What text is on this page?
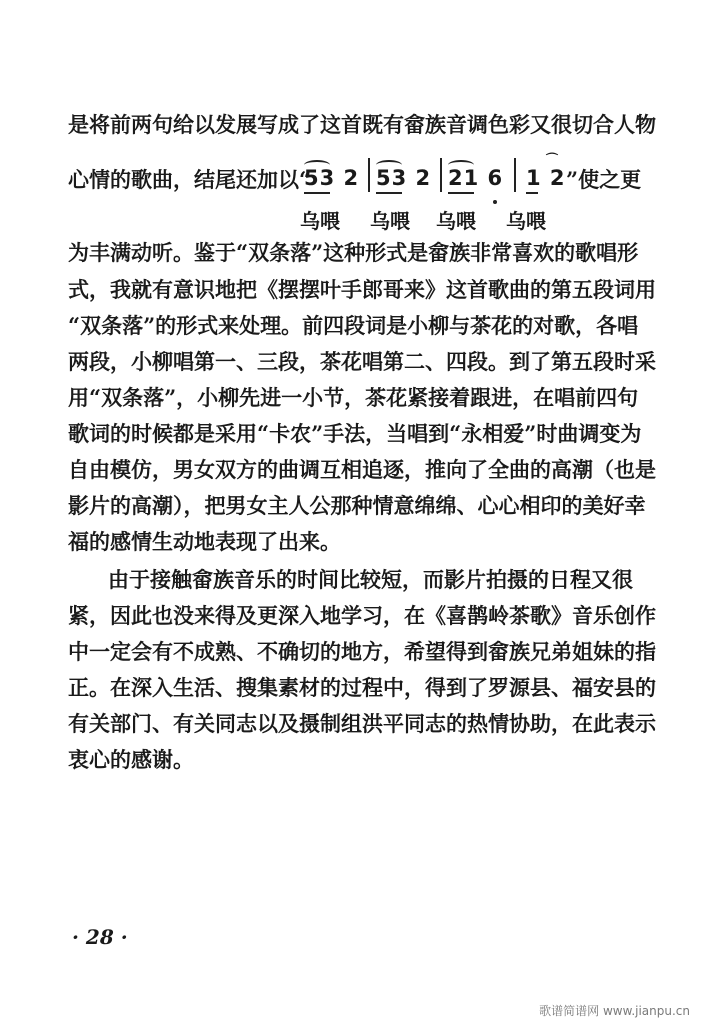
是将前两句给以发展写成了这首既有畲族音调色彩又很切合人物
心情的歌曲，结尾还加以“
53 2 53 2 21 6
⌒
1 2 ”使之更
乌喂 乌喂 乌喂 乌喂
为丰满动听。鉴于“双条落”这种形式是畲族非常喜欢的歌唱形
式，我就有意识地把《摆摆叶手郎哥来》这首歌曲的第五段词用
“双条落”的形式来处理。前四段词是小柳与茶花的对歌，各唱
两段，小柳唱第一、三段，茶花唱第二、四段。到了第五段时采
用“双条落”，小柳先进一小节，茶花紧接着跟进，在唱前四句
歌词的时候都是采用“卡农”手法，当唱到“永相爱”时曲调变为
自由模仿，男女双方的曲调互相追逐，推向了全曲的高潮（也是
影片的高潮），把男女主人公那种情意绵绵、心心相印的美好幸
福的感情生动地表现了出来。
由于接触畲族音乐的时间比较短，而影片拍摄的日程又很
紧，因此也没来得及更深入地学习，在《喜鹊岭茶歌》音乐创作
中一定会有不成熟、不确切的地方，希望得到畲族兄弟姐妹的指
正。在深入生活、搜集素材的过程中，得到了罗源县、福安县的
有关部门、有关同志以及摄制组洪平同志的热情协助，在此表示
衷心的感谢。
· 28 ·
歌谱简谱网 www.jianpu.cn
